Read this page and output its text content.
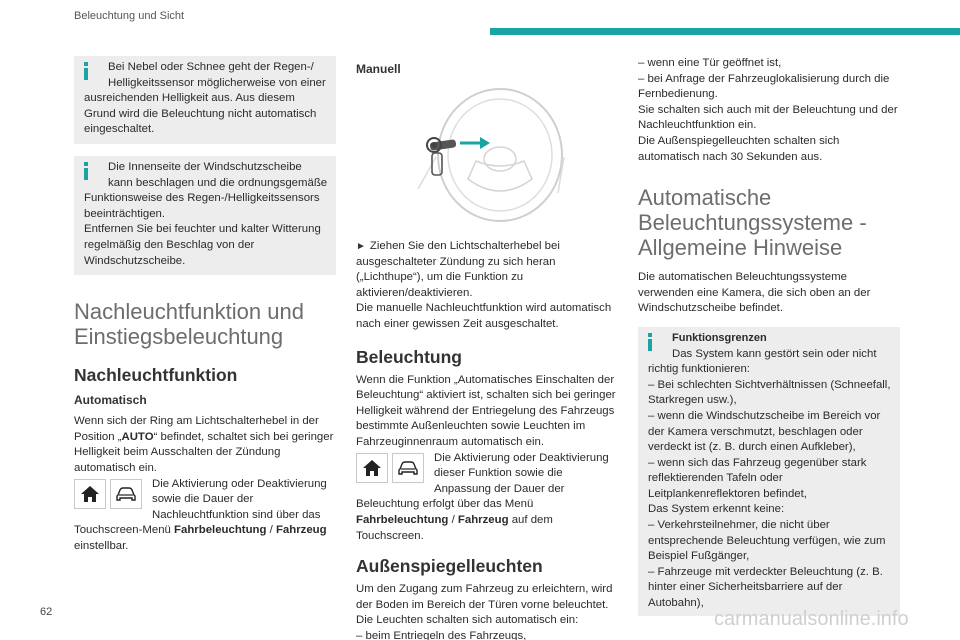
Beleuchtung und Sicht

Bei Nebel oder Schnee geht der Regen-/ Helligkeitssensor möglicherweise von einer

ausreichenden Helligkeit aus. Aus diesem Grund wird die Beleuchtung nicht automatisch eingeschaltet.

Die Innenseite der Windschutzscheibe kann beschlagen und die ordnungsgemäße

Funktionsweise des Regen-/Helligkeitssensors beeinträchtigen.

Entfernen Sie bei feuchter und kalter Witterung regelmäßig den Beschlag von der Windschutzscheibe.

Nachleuchtfunktion und Einstiegsbeleuchtung
Nachleuchtfunktion
Automatisch

Wenn sich der Ring am Lichtschalterhebel in der Position „AUTO“ befindet, schaltet sich bei geringer Helligkeit beim Ausschalten der Zündung automatisch ein.

Die Aktivierung oder Deaktivierung sowie die Dauer der Nachleuchtfunktion sind über das Touchscreen-Menü Fahrbeleuchtung / Fahrzeug einstellbar.

Manuell

► Ziehen Sie den Lichtschalterhebel bei ausgeschalteter Zündung zu sich heran („Lichthupe“), um die Funktion zu aktivieren/deaktivieren.

Die manuelle Nachleuchtfunktion wird automatisch nach einer gewissen Zeit ausgeschaltet.

Beleuchtung

Wenn die Funktion „Automatisches Einschalten der Beleuchtung“ aktiviert ist, schalten sich bei geringer Helligkeit während der Entriegelung des Fahrzeugs bestimmte Außenleuchten sowie Leuchten im Fahrzeuginnenraum automatisch ein.

Die Aktivierung oder Deaktivierung dieser Funktion sowie die Anpassung der Dauer der Beleuchtung erfolgt über das Menü Fahrbeleuchtung / Fahrzeug auf dem Touchscreen.

Außenspiegelleuchten

Um den Zugang zum Fahrzeug zu erleichtern, wird der Boden im Bereich der Türen vorne beleuchtet.

Die Leuchten schalten sich automatisch ein:

– beim Entriegeln des Fahrzeugs,

– wenn eine Tür geöffnet ist,

– bei Anfrage der Fahrzeuglokalisierung durch die Fernbedienung.

Sie schalten sich auch mit der Beleuchtung und der Nachleuchtfunktion ein.

Die Außenspiegelleuchten schalten sich automatisch nach 30 Sekunden aus.

Automatische Beleuchtungssysteme - Allgemeine Hinweise

Die automatischen Beleuchtungssysteme verwenden eine Kamera, die sich oben an der Windschutzscheibe befindet.

Funktionsgrenzen

Das System kann gestört sein oder nicht

richtig funktionieren:

– Bei schlechten Sichtverhältnissen (Schneefall, Starkregen usw.),

– wenn die Windschutzscheibe im Bereich vor der Kamera verschmutzt, beschlagen oder verdeckt ist (z. B. durch einen Aufkleber),

– wenn sich das Fahrzeug gegenüber stark reflektierenden Tafeln oder Leitplankenreflektoren befindet,

Das System erkennt keine:

– Verkehrsteilnehmer, die nicht über entsprechende Beleuchtung verfügen, wie zum Beispiel Fußgänger,

– Fahrzeuge mit verdeckter Beleuchtung (z. B. hinter einer Sicherheitsbarriere auf der Autobahn),

62	carmanualsonline.info
